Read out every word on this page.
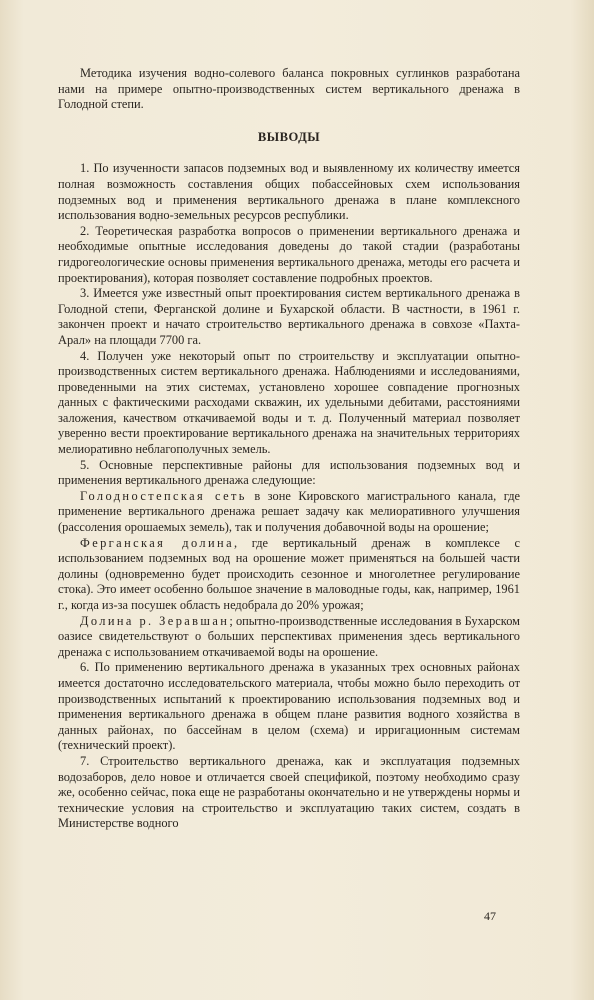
Методика изучения водно-солевого баланса покровных суглинков разработана нами на примере опытно-производственных систем вертикального дренажа в Голодной степи.

ВЫВОДЫ

1. По изученности запасов подземных вод и выявленному их количеству имеется полная возможность составления общих побассейновых схем использования подземных вод и применения вертикального дренажа в плане комплексного использования водно-земельных ресурсов республики.

2. Теоретическая разработка вопросов о применении вертикального дренажа и необходимые опытные исследования доведены до такой стадии (разработаны гидрогеологические основы применения вертикального дренажа, методы его расчета и проектирования), которая позволяет составление подробных проектов.

3. Имеется уже известный опыт проектирования систем вертикального дренажа в Голодной степи, Ферганской долине и Бухарской области. В частности, в 1961 г. закончен проект и начато строительство вертикального дренажа в совхозе «Пахта-Арал» на площади 7700 га.

4. Получен уже некоторый опыт по строительству и эксплуатации опытно-производственных систем вертикального дренажа. Наблюдениями и исследованиями, проведенными на этих системах, установлено хорошее совпадение прогнозных данных с фактическими расходами скважин, их удельными дебитами, расстояниями заложения, качеством откачиваемой воды и т. д. Полученный материал позволяет уверенно вести проектирование вертикального дренажа на значительных территориях мелиоративно неблагополучных земель.

5. Основные перспективные районы для использования подземных вод и применения вертикального дренажа следующие:

Голодностепская сеть в зоне Кировского магистрального канала, где применение вертикального дренажа решает задачу как мелиоративного улучшения (рассоления орошаемых земель), так и получения добавочной воды на орошение;

Ферганская долина, где вертикальный дренаж в комплексе с использованием подземных вод на орошение может применяться на большей части долины (одновременно будет происходить сезонное и многолетнее регулирование стока). Это имеет особенно большое значение в маловодные годы, как, например, 1961 г., когда из-за посушек область недобрала до 20% урожая;

Долина р. Зеравшан; опытно-производственные исследования в Бухарском оазисе свидетельствуют о больших перспективах применения здесь вертикального дренажа с использованием откачиваемой воды на орошение.

6. По применению вертикального дренажа в указанных трех основных районах имеется достаточно исследовательского материала, чтобы можно было переходить от производственных испытаний к проектированию использования подземных вод и применения вертикального дренажа в общем плане развития водного хозяйства в данных районах, по бассейнам в целом (схема) и ирригационным системам (технический проект).

7. Строительство вертикального дренажа, как и эксплуатация подземных водозаборов, дело новое и отличается своей спецификой, поэтому необходимо сразу же, особенно сейчас, пока еще не разработаны окончательно и не утверждены нормы и технические условия на строительство и эксплуатацию таких систем, создать в Министерстве водного

47
